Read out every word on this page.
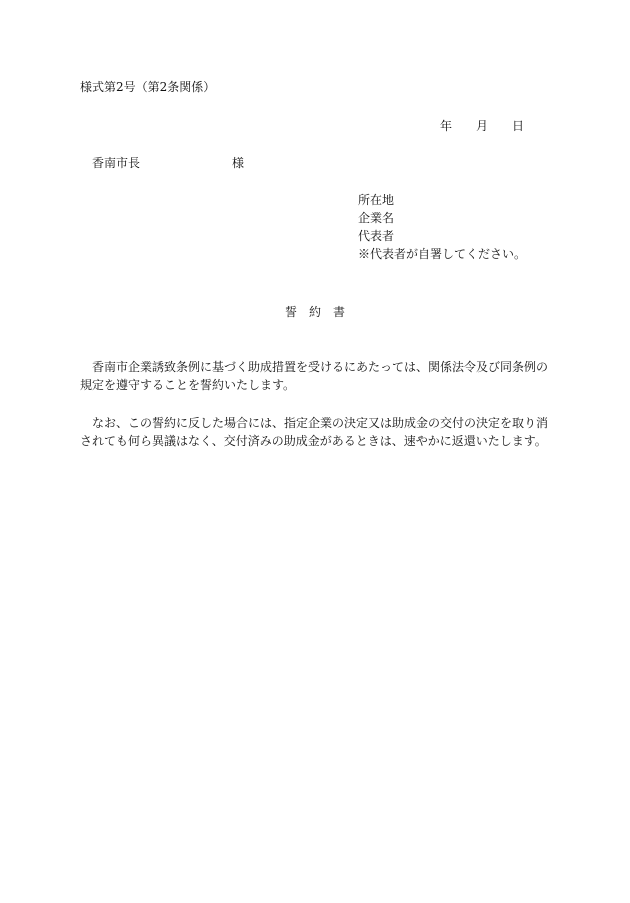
様式第2号（第2条関係）
年 月 日
香南市長	様
所在地
企業名
代表者
※代表者が自署してください。
誓約書
香南市企業誘致条例に基づく助成措置を受けるにあたっては、関係法令及び同条例の規定を遵守することを誓約いたします。
なお、この誓約に反した場合には、指定企業の決定又は助成金の交付の決定を取り消されても何ら異議はなく、交付済みの助成金があるときは、速やかに返還いたします。
